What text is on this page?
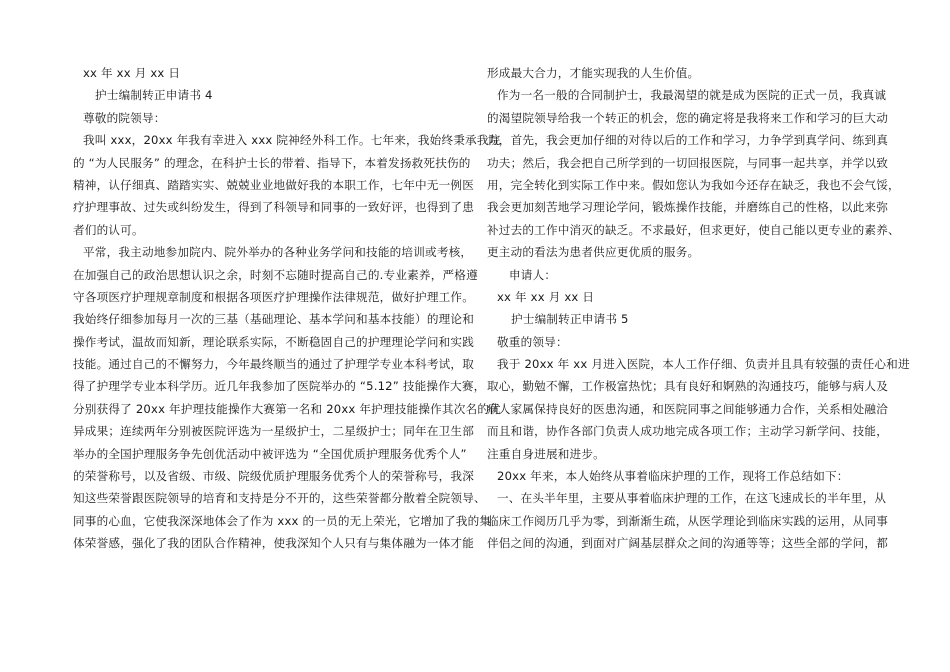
xx 年 xx 月 xx 日
护士编制转正申请书 4
尊敬的院领导：
我叫 xxx，20xx 年我有幸进入 xxx 院神经外科工作。七年来，我始终秉承我院
的 “为人民服务” 的理念，在科护士长的带着、指导下，本着发扬救死扶伤的
精神，认仔细真、踏踏实实、兢兢业业地做好我的本职工作，七年中无一例医
疗护理事故、过失或纠纷发生，得到了科领导和同事的一致好评，也得到了患
者们的认可。
平常，我主动地参加院内、院外举办的各种业务学问和技能的培训或考核，
在加强自己的政治思想认识之余，时刻不忘随时提高自己的.专业素养，严格遵
守各项医疗护理规章制度和根据各项医疗护理操作法律规范，做好护理工作。
我始终仔细参加每月一次的三基（基础理论、基本学问和基本技能）的理论和
操作考试，温故而知新，理论联系实际，不断稳固自己的护理理论学问和实践
技能。通过自己的不懈努力，今年最终顺当的通过了护理学专业本科考试，取
得了护理学专业本科学历。近几年我参加了医院举办的 “5.12” 技能操作大赛，
分别获得了 20xx 年护理技能操作大赛第一名和 20xx 年护理技能操作其次名的优
异成果；连续两年分别被医院评选为一星级护士，二星级护士；同年在卫生部
举办的全国护理服务争先创优活动中被评选为 “全国优质护理服务优秀个人”
的荣誉称号，以及省级、市级、院级优质护理服务优秀个人的荣誉称号，我深
知这些荣誉跟医院领导的培育和支持是分不开的，这些荣誉都分散着全院领导、
同事的心血，它使我深深地体会了作为 xxx 的一员的无上荣光，它增加了我的集
体荣誉感，强化了我的团队合作精神，使我深知个人只有与集体融为一体才能
形成最大合力，才能实现我的人生价值。
作为一名一般的合同制护士，我最渴望的就是成为医院的正式一员，我真诚
的渴望院领导给我一个转正的机会，您的确定将是我将来工作和学习的巨大动
力，首先，我会更加仔细的对待以后的工作和学习，力争学到真学问、练到真
功夫；然后，我会把自己所学到的一切回报医院，与同事一起共享，并学以致
用，完全转化到实际工作中来。假如您认为我如今还存在缺乏，我也不会气馁，
我会更加刻苦地学习理论学问，锻炼操作技能，并磨练自己的性格，以此来弥
补过去的工作中消灭的缺乏。不求最好，但求更好，使自己能以更专业的素养、
更主动的看法为患者供应更优质的服务。
申请人：
xx 年 xx 月 xx 日
护士编制转正申请书 5
敬重的领导：
我于 20xx 年 xx 月进入医院，本人工作仔细、负责并且具有较强的责任心和进
取心，勤勉不懈，工作极富热忱；具有良好和婀熟的沟通技巧，能够与病人及
病人家属保持良好的医患沟通，和医院同事之间能够通力合作，关系相处融洽
而且和谐，协作各部门负责人成功地完成各项工作；主动学习新学问、技能，
注重自身进展和进步。
20xx 年来，本人始终从事着临床护理的工作，现将工作总结如下：
一、在头半年里，主要从事着临床护理的工作，在这飞速成长的半年里，从
临床工作阅历几乎为零，到渐渐生疏，从医学理论到临床实践的运用，从同事
伴侣之间的沟通，到面对广阔基层群众之间的沟通等等；这些全部的学问，都
